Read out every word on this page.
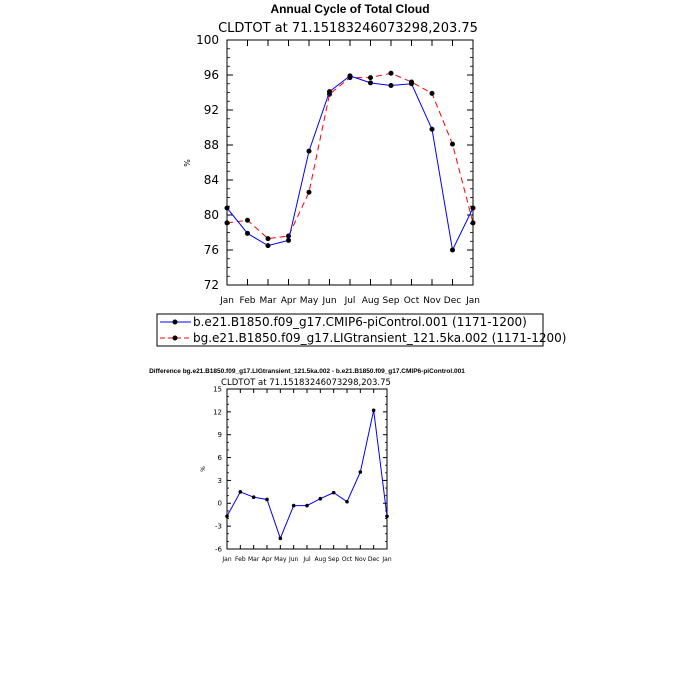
Annual Cycle of Total Cloud
CLDTOT at 71.15183246073298,203.75
%
72
76
80
84
88
92
96
100
Jan Feb Mar Apr May Jun Jul Aug Sep Oct Nov Dec Jan
b.e21.B1850.f09_g17.CMIP6-piControl.001 (1171-1200)
bg.e21.B1850.f09_g17.LIGtransient_121.5ka.002 (1171-1200)
Difference bg.e21.B1850.f09_g17.LIGtransient_121.5ka.002 - b.e21.B1850.f09_g17.CMIP6-piControl.001
CLDTOT at 71.15183246073298,203.75
%
-6
-3
0
3
6
9
12
15
Jan Feb Mar Apr May Jun Jul Aug Sep Oct Nov Dec Jan
